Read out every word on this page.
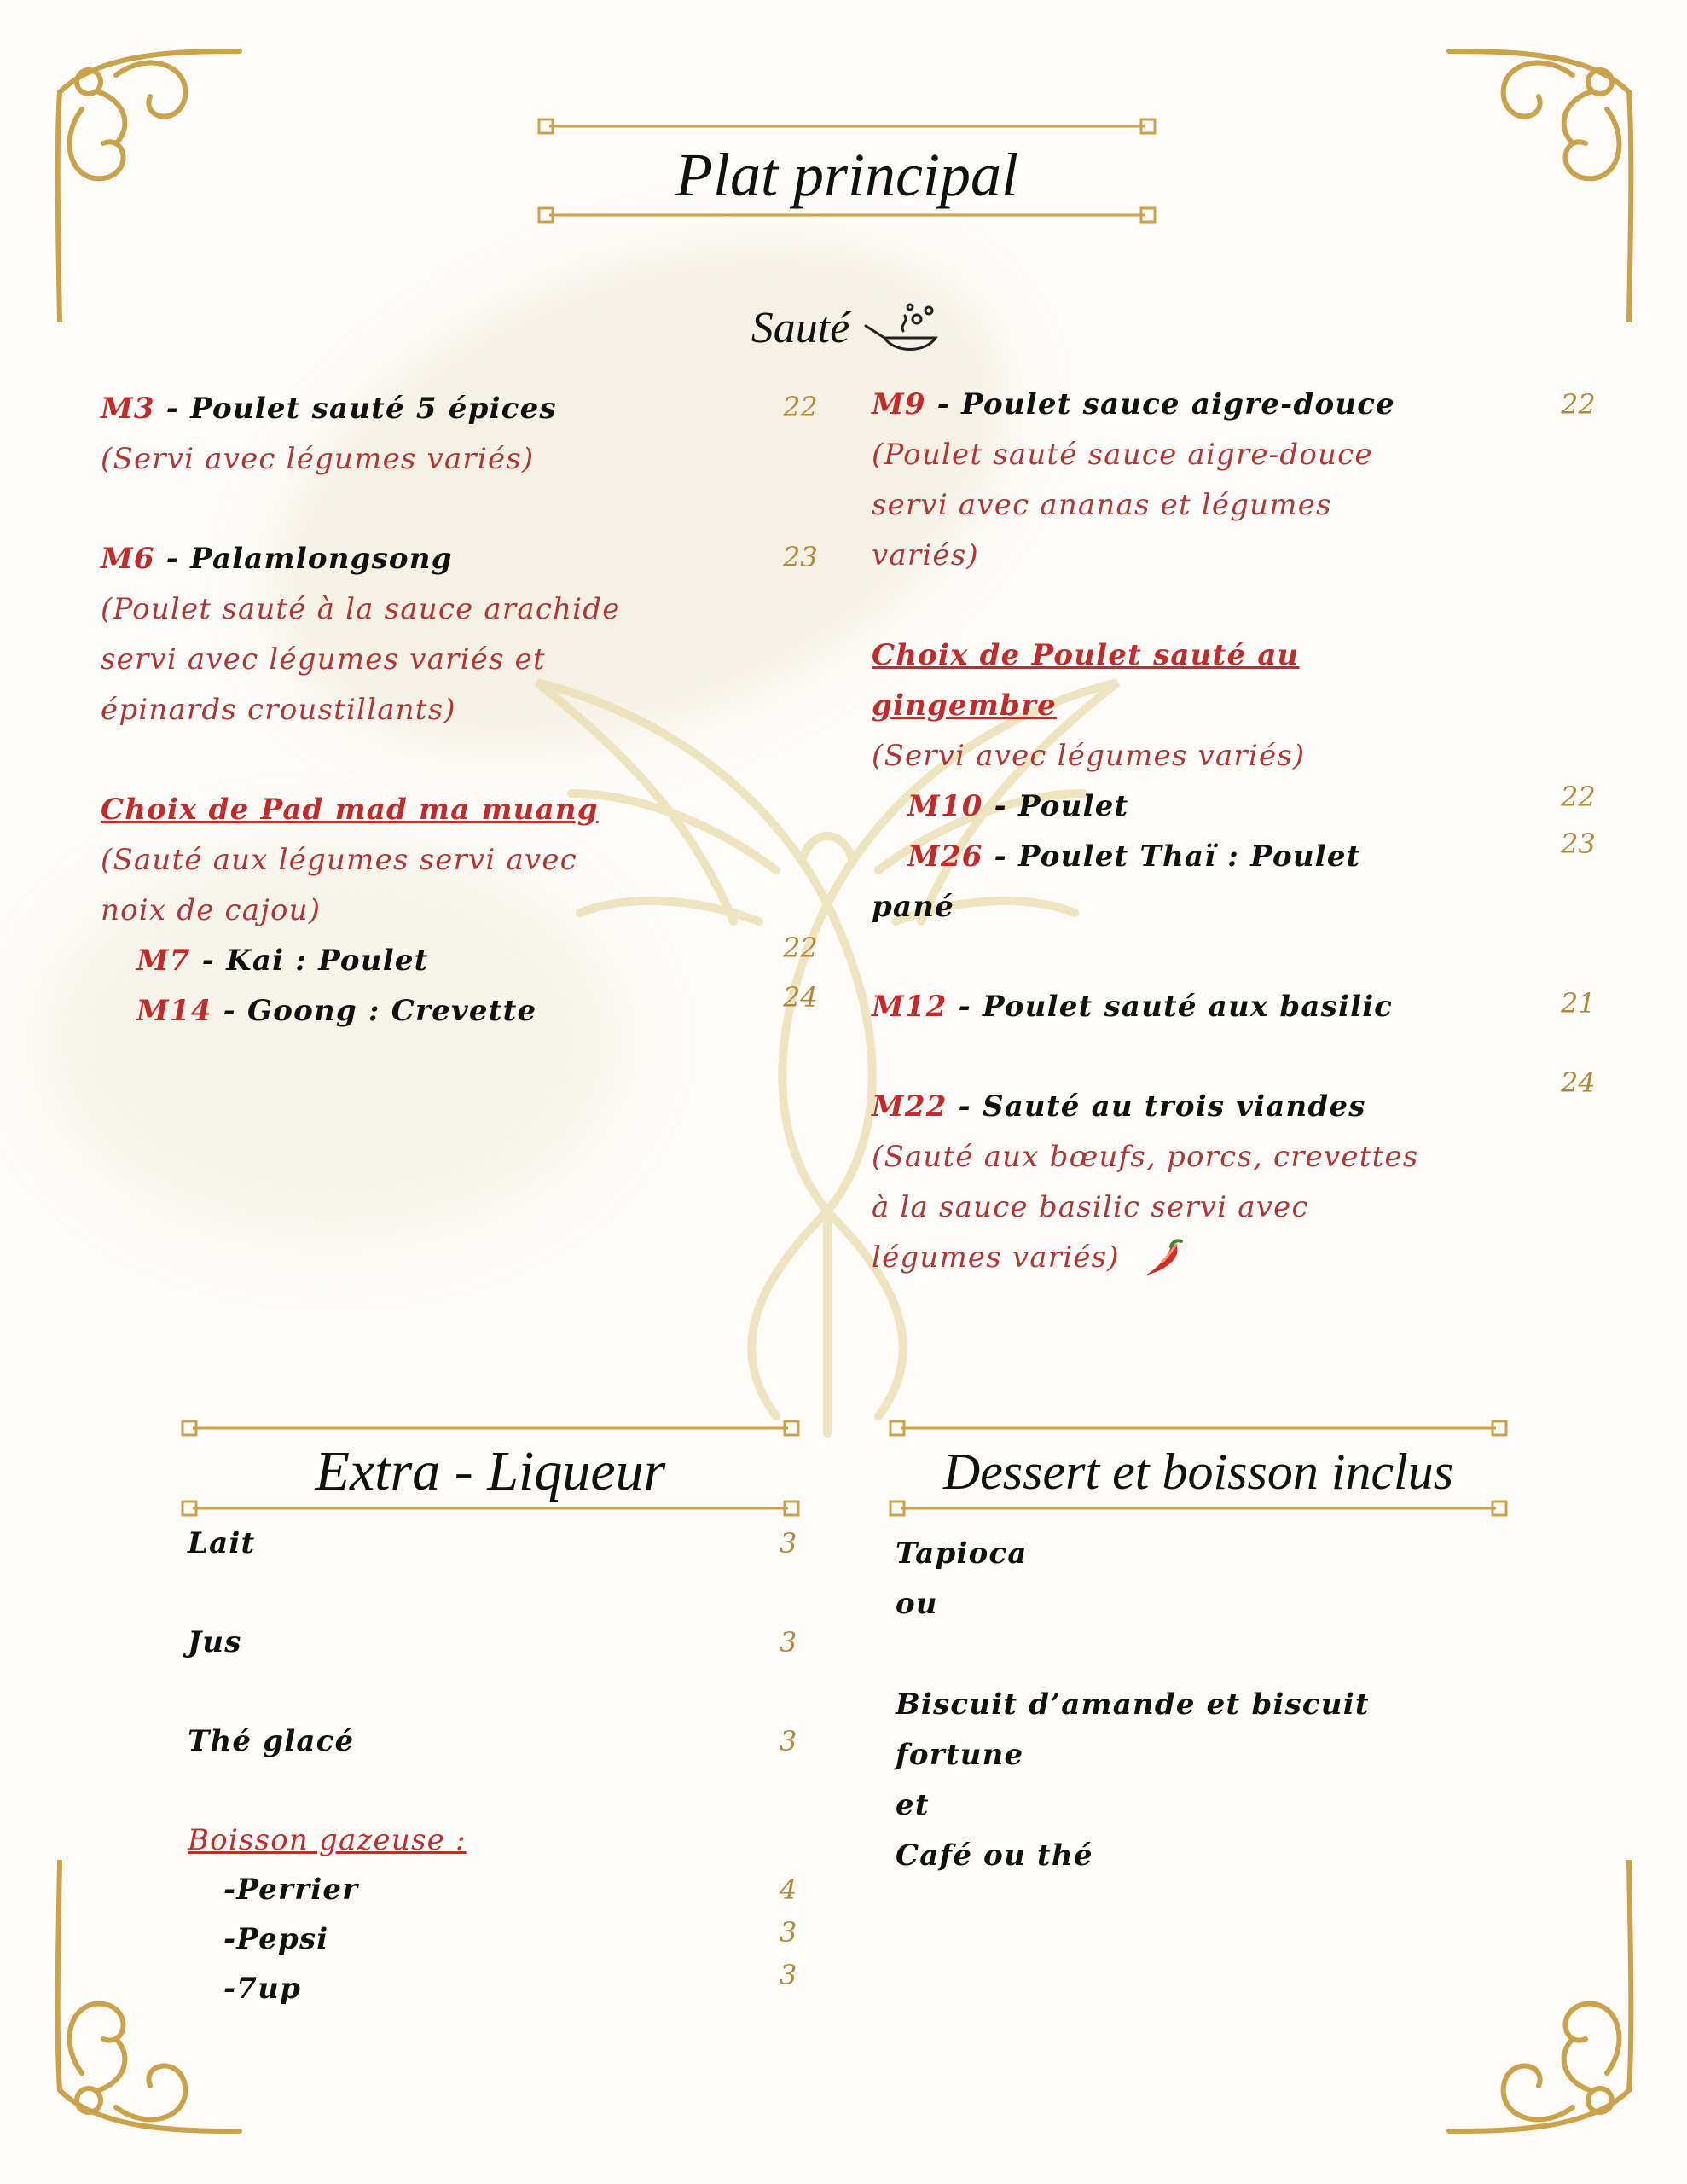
Plat principal
Sauté

M3 - Poulet sauté 5 épices

(Servi avec légumes variés)

M6 - Palamlongsong

(Poulet sauté à la sauce arachide

servi avec légumes variés et

épinards croustillants)

Choix de Pad mad ma muang

(Sauté aux légumes servi avec

noix de cajou)

M7 - Kai : Poulet

M14 - Goong : Crevette

22
23
22
24

M9 - Poulet sauce aigre-douce

(Poulet sauté sauce aigre-douce

servi avec ananas et légumes

variés)

Choix de Poulet sauté au

gingembre

(Servi avec légumes variés)

M10 - Poulet

M26 - Poulet Thaï : Poulet

pané

M12 - Poulet sauté aux basilic

M22 - Sauté au trois viandes

(Sauté aux bœufs, porcs, crevettes

à la sauce basilic servi avec

légumes variés)

22
22
23
21
24
Extra - Liqueur

Lait

Jus

Thé glacé

Boisson gazeuse :

-Perrier

-Pepsi

-7up

3
3
3
4
3
3
Dessert et boisson inclus

Tapioca

ou

Biscuit d’amande et biscuit

fortune

et

Café ou thé
